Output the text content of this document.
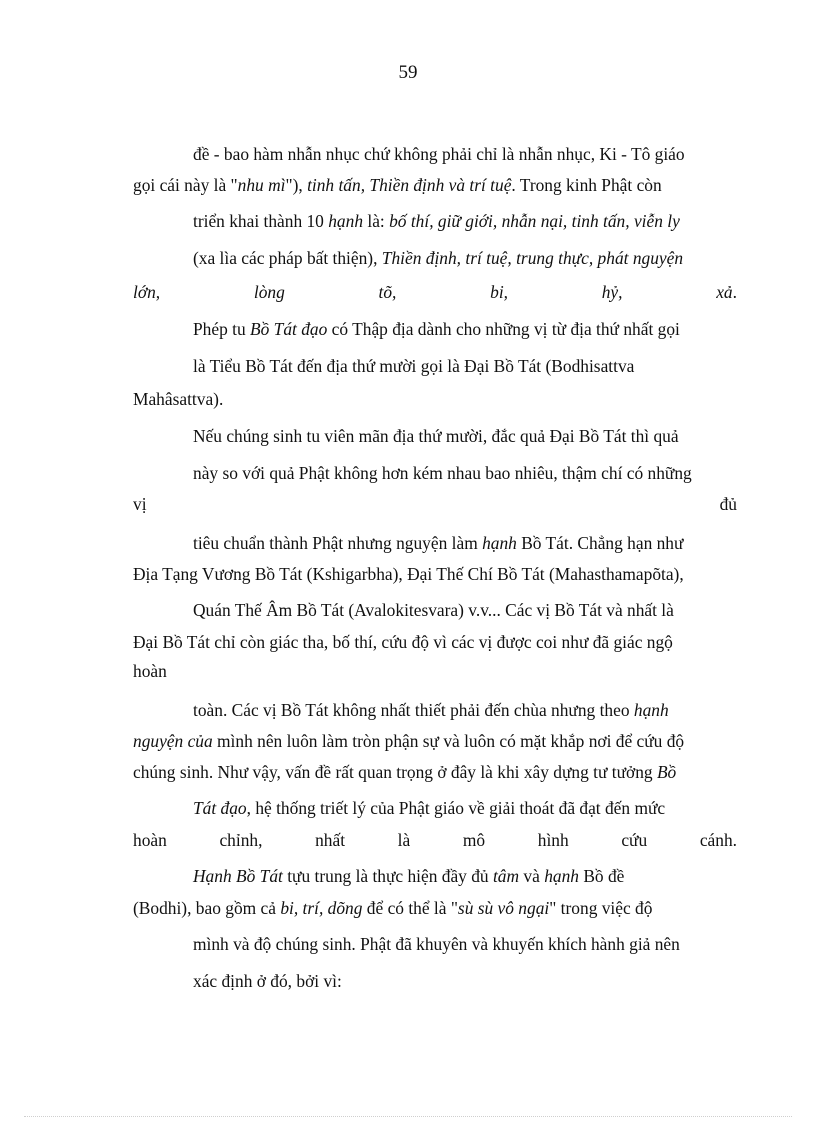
59
đề - bao hàm nhẫn nhục chứ không phải chỉ là nhẫn nhục, Ki - Tô giáo
gọi cái này là "nhu mì"), tinh tấn, Thiền định và trí tuệ. Trong kinh Phật còn
triển khai thành 10 hạnh là: bố thí, giữ giới, nhẫn nại, tinh tấn, viễn ly
(xa lìa các pháp bất thiện), Thiền định, trí tuệ, trung thực, phát nguyện
lớn, lòng tõ, bi, hỷ, xả.
Phép tu Bồ Tát đạo có Thập địa dành cho những vị từ địa thứ nhất gọi
là Tiểu Bồ Tát đến địa thứ mười gọi là Đại Bồ Tát (Bodhisattva
Mahâsattva).
Nếu chúng sinh tu viên mãn địa thứ mười, đắc quả Đại Bồ Tát thì quả
này so với quả Phật không hơn kém nhau bao nhiêu, thậm chí có những
vị đủ
tiêu chuẩn thành Phật nhưng nguyện làm hạnh Bồ Tát. Chẳng hạn như
Địa Tạng Vương Bồ Tát (Kshigarbha), Đại Thế Chí Bồ Tát (Mahasthamapõta),
Quán Thế Âm Bồ Tát (Avalokitesvara) v.v... Các vị Bồ Tát và nhất là
Đại Bồ Tát chỉ còn giác tha, bố thí, cứu độ vì các vị được coi như đã giác ngộ
hoàn
toàn. Các vị Bồ Tát không nhất thiết phải đến chùa nhưng theo hạnh
nguyện của mình nên luôn làm tròn phận sự và luôn có mặt khắp nơi để cứu độ
chúng sinh. Như vậy, vấn đề rất quan trọng ở đây là khi xây dựng tư tưởng Bồ
Tát đạo, hệ thống triết lý của Phật giáo về giải thoát đã đạt đến mức
hoàn chỉnh, nhất là mô hình cứu cánh.
Hạnh Bồ Tát tựu trung là thực hiện đầy đủ tâm và hạnh Bồ đề
(Bodhi), bao gồm cả bi, trí, dõng để có thể là "sù sù vô ngại" trong việc độ
mình và độ chúng sinh. Phật đã khuyên và khuyến khích hành giả nên
xác định ở đó, bởi vì:
